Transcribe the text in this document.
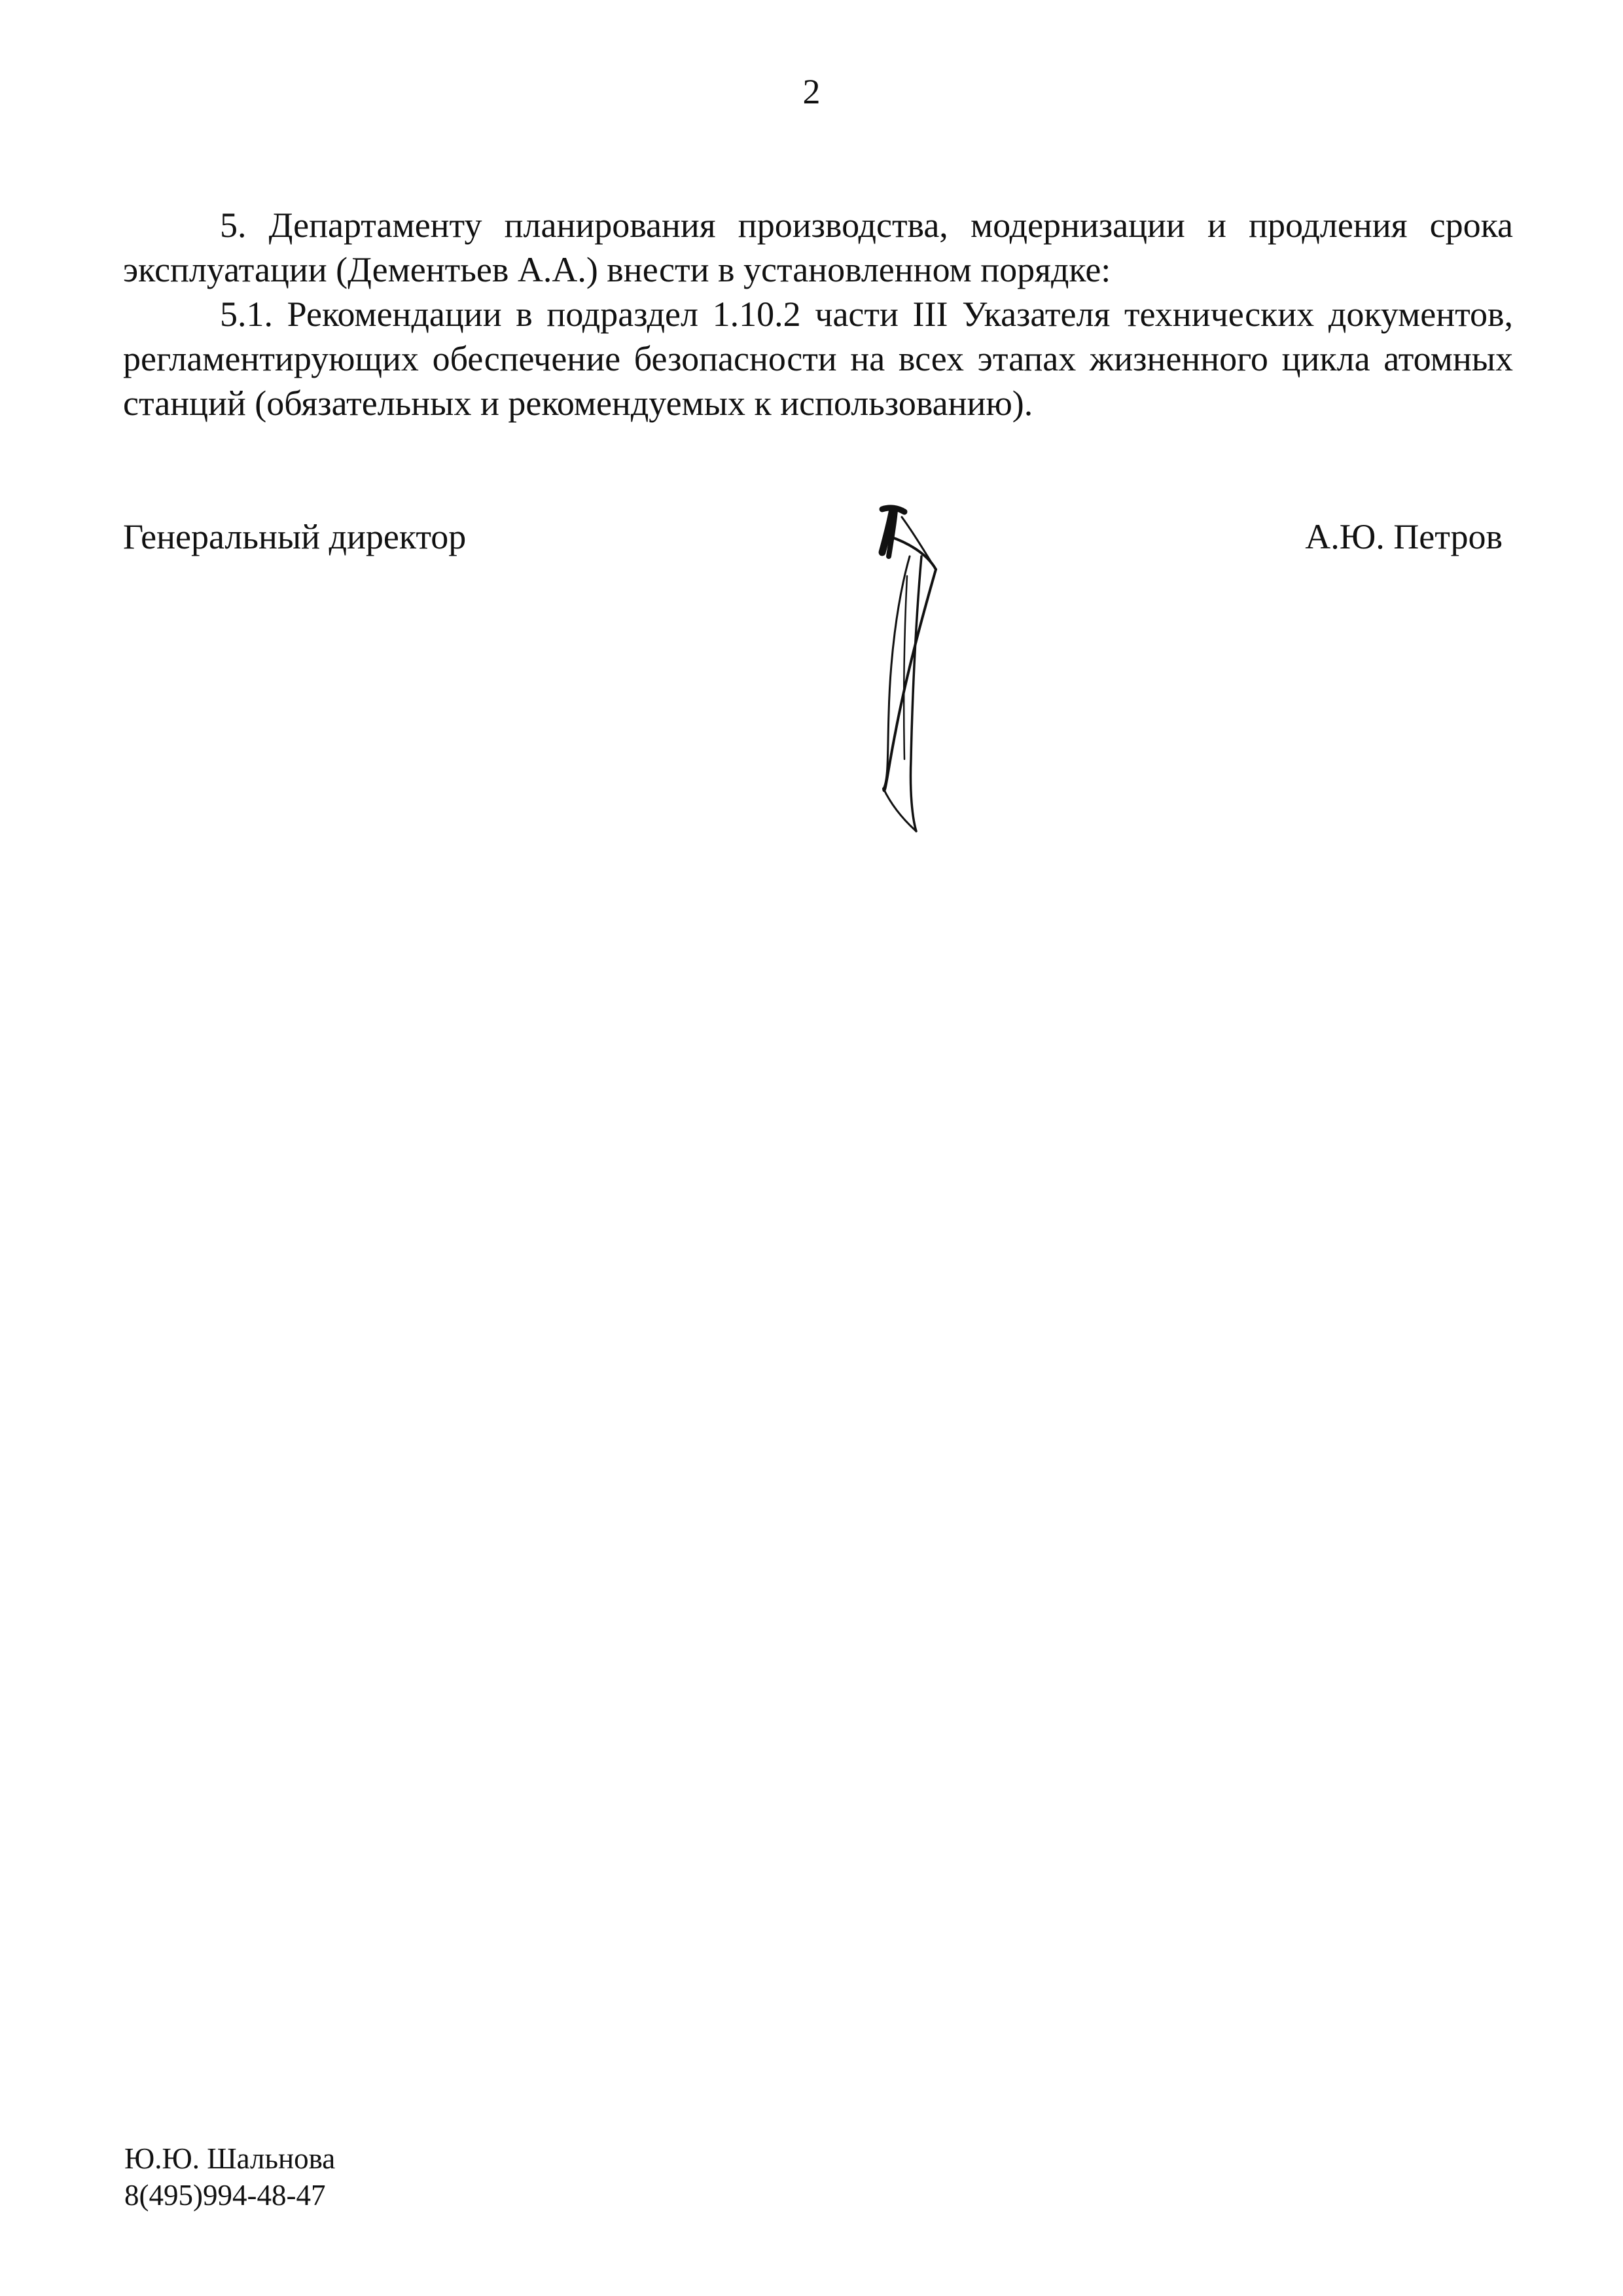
2

5. Департаменту планирования производства, модернизации и продления срока эксплуатации (Дементьев А.А.) внести в установленном порядке:

5.1. Рекомендации в подраздел 1.10.2 части III Указателя технических документов, регламентирующих обеспечение безопасности на всех этапах жизненного цикла атомных станций (обязательных и рекомендуемых к использованию).

Генеральный директор	А.Ю. Петров
Ю.Ю. Шальнова
8(495)994-48-47
